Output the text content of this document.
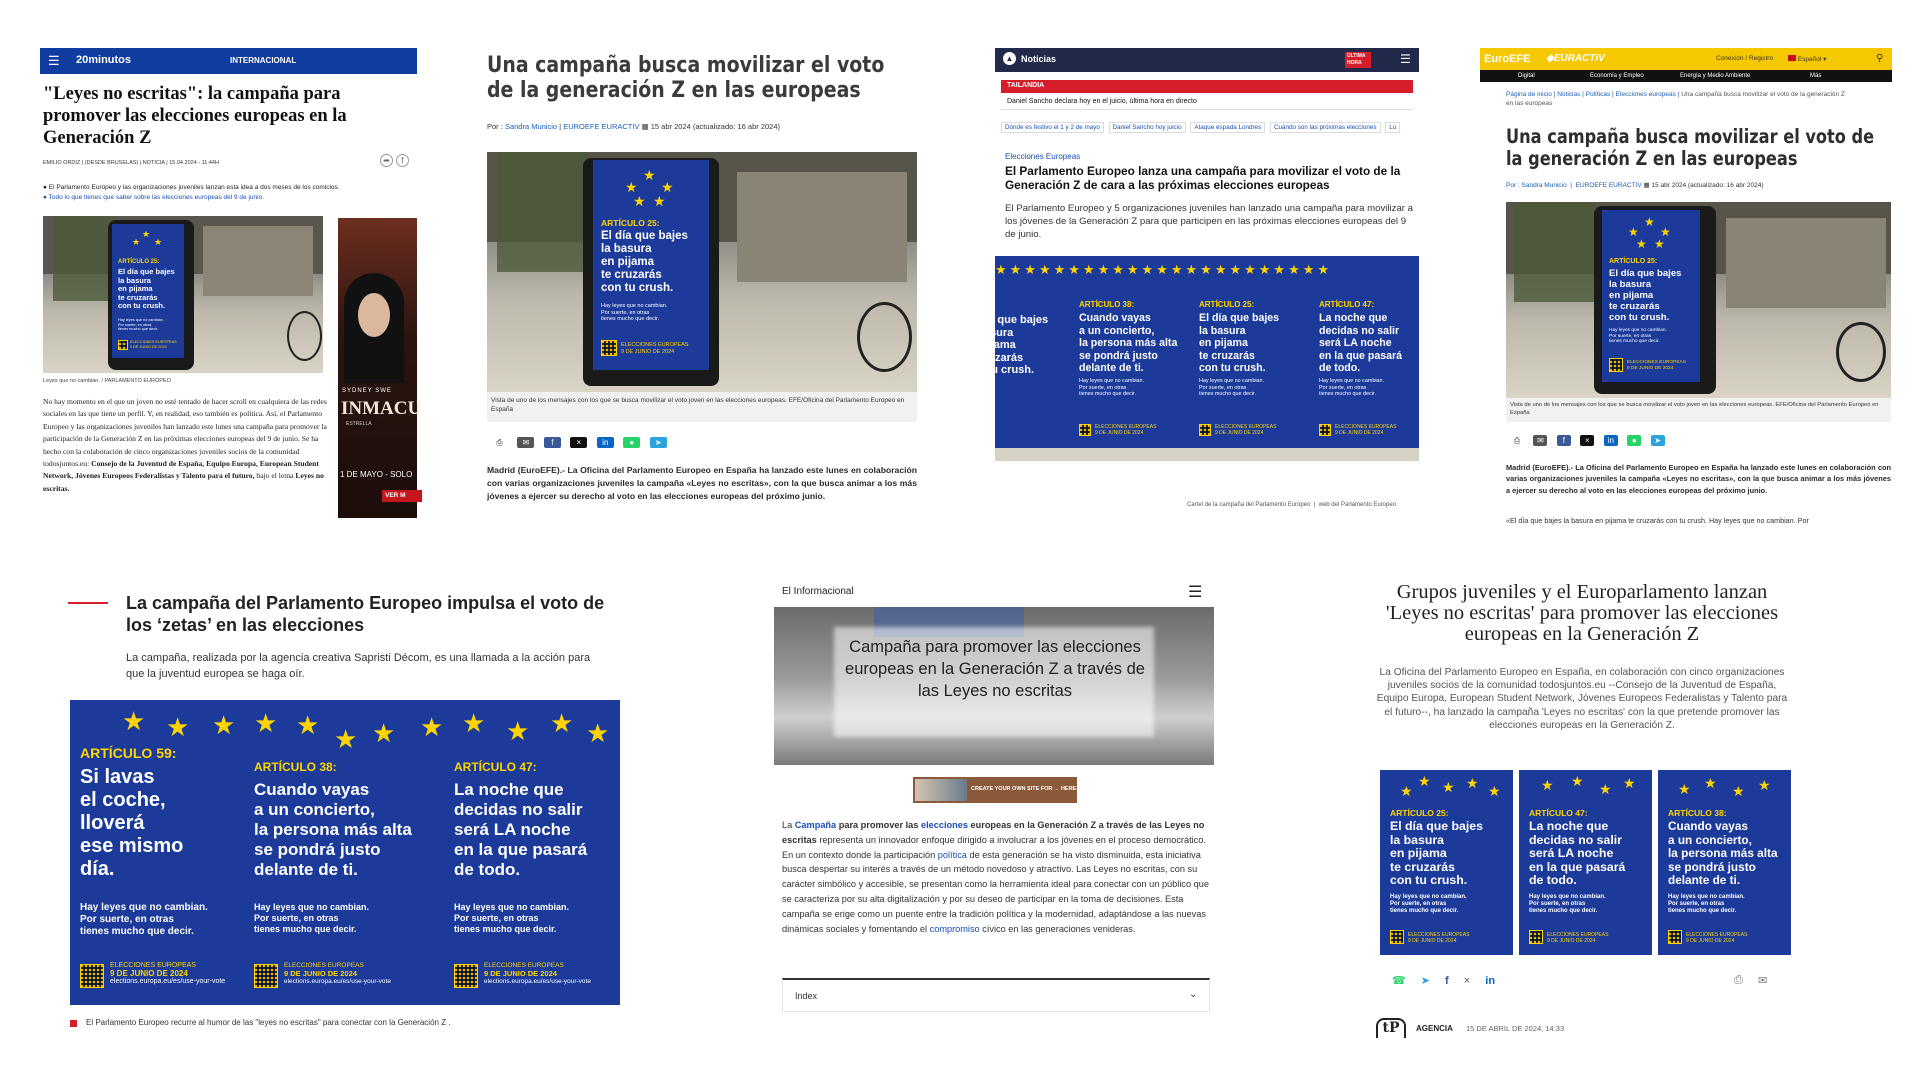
☰ 20minutos	INTERNACIONAL
"Leyes no escritas": la campaña para promover las elecciones europeas en la Generación Z
EMILIO ORDIZ | (DESDE BRUSELAS) | NOTICIA | 15.04.2024 - 11:44H	➦	f
● El Parlamento Europeo y las organizaciones juveniles lanzan esta idea a dos meses de los comicios.
● Todo lo que tienes que saber sobre las elecciones europeas del 9 de junio.
★
★ ★
ARTÍCULO 25:
El día que bajes
la basura
en pijama
te cruzarás
con tu crush.
Hay leyes que no cambian.
Por suerte, en otras
tienes mucho que decir.
ELECCIONES EUROPEAS
9 DE JUNIO DE 2024
Leyes que no cambian. / PARLAMENTO EUROPEO
SYDNEY SWE
INMACU
ESTRELLA
1 DE MAYO - SOLO
VER M
No hay momento en el que un joven no esté tentado de hacer scroll en cualquiera de las redes sociales en las que tiene un perfil. Y, en realidad, eso también es política. Así, el Parlamento Europeo y las organizaciones juveniles han lanzado este lunes una campaña para promover la participación de la Generación Z en las próximas elecciones europeas del 9 de junio. Se ha hecho con la colaboración de cinco organizaciones juveniles socios de la comunidad todosjuntos.eu: Consejo de la Juventud de España, Equipo Europa, European Student Network, Jóvenes Europeos Federalistas y Talento para el futuro, bajo el lema Leyes no escritas.
Una campaña busca movilizar el voto de la generación Z en las europeas
Por : Sandra Municio | EUROEFE EURACTIV ▦ 15 abr 2024 (actualizado: 16 abr 2024)
★
★ ★
★ ★
ARTÍCULO 25:
El día que bajes
la basura
en pijama
te cruzarás
con tu crush.
Hay leyes que no cambian.
Por suerte, en otras
tienes mucho que decir.
ELECCIONES EUROPEAS
9 DE JUNIO DE 2024
Vista de uno de los mensajes con los que se busca movilizar el voto joven en las elecciones europeas. EFE/Oficina del Parlamento Europeo en España
⎙ ✉	f	×	in	●	➤
Madrid (EuroEFE).- La Oficina del Parlamento Europeo en España ha lanzado este lunes en colaboración con varias organizaciones juveniles la campaña «Leyes no escritas», con la que busca animar a los más jóvenes a ejercer su derecho al voto en las elecciones europeas del próximo junio.
▲ Noticias	ÚLTIMA HORA	☰
TAILANDIA
Daniel Sancho declara hoy en el juicio, última hora en directo
Dónde es festivo el 1 y 2 de mayo Daniel Sancho hoy juicio Ataque espada Londres Cuándo son las próximas elecciones Lu
Elecciones Europeas
El Parlamento Europeo lanza una campaña para movilizar el voto de la Generación Z de cara a las próximas elecciones europeas
El Parlamento Europeo y 5 organizaciones juveniles han lanzado una campaña para movilizar a los jóvenes de la Generación Z para que participen en las próximas elecciones europeas del 9 de junio.
★★★★★★★★★★★★★★★★★★★★★★★
El día que bajes
la basura
en pijama
te cruzarás
con tu crush.
ARTÍCULO 38:
Cuando vayas
a un concierto,
la persona más alta
se pondrá justo
delante de ti.
Hay leyes que no cambian.
Por suerte, en otras
tienes mucho que decir.
ELECCIONES EUROPEAS
9 DE JUNIO DE 2024
ARTÍCULO 25:
El día que bajes
la basura
en pijama
te cruzarás
con tu crush.
Hay leyes que no cambian.
Por suerte, en otras
tienes mucho que decir.
ELECCIONES EUROPEAS
9 DE JUNIO DE 2024
ARTÍCULO 47:
La noche que
decidas no salir
será LA noche
en la que pasará
de todo.
Hay leyes que no cambian.
Por suerte, en otras
tienes mucho que decir.
ELECCIONES EUROPEAS
9 DE JUNIO DE 2024
Cartel de la campaña del Parlamento Europeo  |  web del Parlamento Europeo
EuroEFE ◆EURACTIV	Conexión / Registro	Español ▾	⚲
Digital	Economía y Empleo	Energía y Medio Ambiente	Más
Página de inicio | Noticias | Políticas | Elecciones europeas | Una campaña busca movilizar el voto de la generación Z en las europeas
Una campaña busca movilizar el voto de la generación Z en las europeas
Por : Sandra Municio  |  EUROEFE EURACTIV ▦ 15 abr 2024 (actualizado: 16 abr 2024)
★
★ ★
★ ★
ARTÍCULO 25:
El día que bajes
la basura
en pijama
te cruzarás
con tu crush.
Hay leyes que no cambian.
Por suerte, en otras
tienes mucho que decir.
ELECCIONES EUROPEAS
9 DE JUNIO DE 2024
Vista de uno de los mensajes con los que se busca movilizar el voto joven en las elecciones europeas. EFE/Oficina del Parlamento Europeo en España
⎙ ✉ f	× in ● ➤
Madrid (EuroEFE).- La Oficina del Parlamento Europeo en España ha lanzado este lunes en colaboración con varias organizaciones juveniles la campaña «Leyes no escritas», con la que busca animar a los más jóvenes a ejercer su derecho al voto en las elecciones europeas del próximo junio.
«El día que bajes la basura en pijama te cruzarás con tu crush. Hay leyes que no cambian. Por
La campaña del Parlamento Europeo impulsa el voto de los ‘zetas’ en las elecciones
La campaña, realizada por la agencia creativa Sapristi Décom, es una llamada a la acción para que la juventud europea se haga oír.
★ ★ ★ ★ ★ ★ ★ ★ ★ ★ ★ ★
ARTÍCULO 59:
Si lavas
el coche,
lloverá
ese mismo
día.
Hay leyes que no cambian.
Por suerte, en otras
tienes mucho que decir.
ELECCIONES EUROPEAS
9 DE JUNIO DE 2024
elections.europa.eu/es/use-your-vote
ARTÍCULO 38:
Cuando vayas
a un concierto,
la persona más alta
se pondrá justo
delante de ti.
Hay leyes que no cambian.
Por suerte, en otras
tienes mucho que decir.
ELECCIONES EUROPEAS
9 DE JUNIO DE 2024
elections.europa.eu/es/use-your-vote
ARTÍCULO 47:
La noche que
decidas no salir
será LA noche
en la que pasará
de todo.
Hay leyes que no cambian.
Por suerte, en otras
tienes mucho que decir.
ELECCIONES EUROPEAS
9 DE JUNIO DE 2024
elections.europa.eu/es/use-your-vote
El Parlamento Europeo recurre al humor de las "leyes no escritas" para conectar con la Generación Z .
El Informacional	☰
Campaña para promover las elecciones europeas en la Generación Z a través de las Leyes no escritas
CREATE YOUR OWN SITE FOR → HERE!
La Campaña para promover las elecciones europeas en la Generación Z a través de las Leyes no escritas representa un innovador enfoque dirigido a involucrar a los jóvenes en el proceso democrático. En un contexto donde la participación política de esta generación se ha visto disminuida, esta iniciativa busca despertar su interés a través de un método novedoso y atractivo. Las Leyes no escritas, con su carácter simbólico y accesible, se presentan como la herramienta ideal para conectar con un público que se caracteriza por su alta digitalización y por su deseo de participar en la toma de decisiones. Esta campaña se erige como un puente entre la tradición política y la modernidad, adaptándose a las nuevas dinámicas sociales y fomentando el compromiso cívico en las generaciones venideras.
Index	⌄
Grupos juveniles y el Europarlamento lanzan 'Leyes no escritas' para promover las elecciones europeas en la Generación Z
La Oficina del Parlamento Europeo en España, en colaboración con cinco organizaciones juveniles socios de la comunidad todosjuntos.eu --Consejo de la Juventud de España, Equipo Europa, European Student Network, Jóvenes Europeos Federalistas y Talento para el futuro--, ha lanzado la campaña 'Leyes no escritas' con la que pretende promover las elecciones europeas en la Generación Z.
★ ★
★	★ ★
ARTÍCULO 25:
El día que bajes
la basura
en pijama
te cruzarás
con tu crush.
Hay leyes que no cambian.
Por suerte, en otras
tienes mucho que decir.
ELECCIONES EUROPEAS
9 DE JUNIO DE 2024
★ ★ ★ ★
ARTÍCULO 47:
La noche que
decidas no salir
será LA noche
en la que pasará
de todo.
Hay leyes que no cambian.
Por suerte, en otras
tienes mucho que decir.
ELECCIONES EUROPEAS
9 DE JUNIO DE 2024
★ ★ ★ ★
ARTÍCULO 38:
Cuando vayas
a un concierto,
la persona más alta
se pondrá justo
delante de ti.
Hay leyes que no cambian.
Por suerte, en otras
tienes mucho que decir.
ELECCIONES EUROPEAS
9 DE JUNIO DE 2024
☎ ➤ f × in	⎙ ✉
tP	AGENCIA 15 DE ABRIL DE 2024, 14:33
